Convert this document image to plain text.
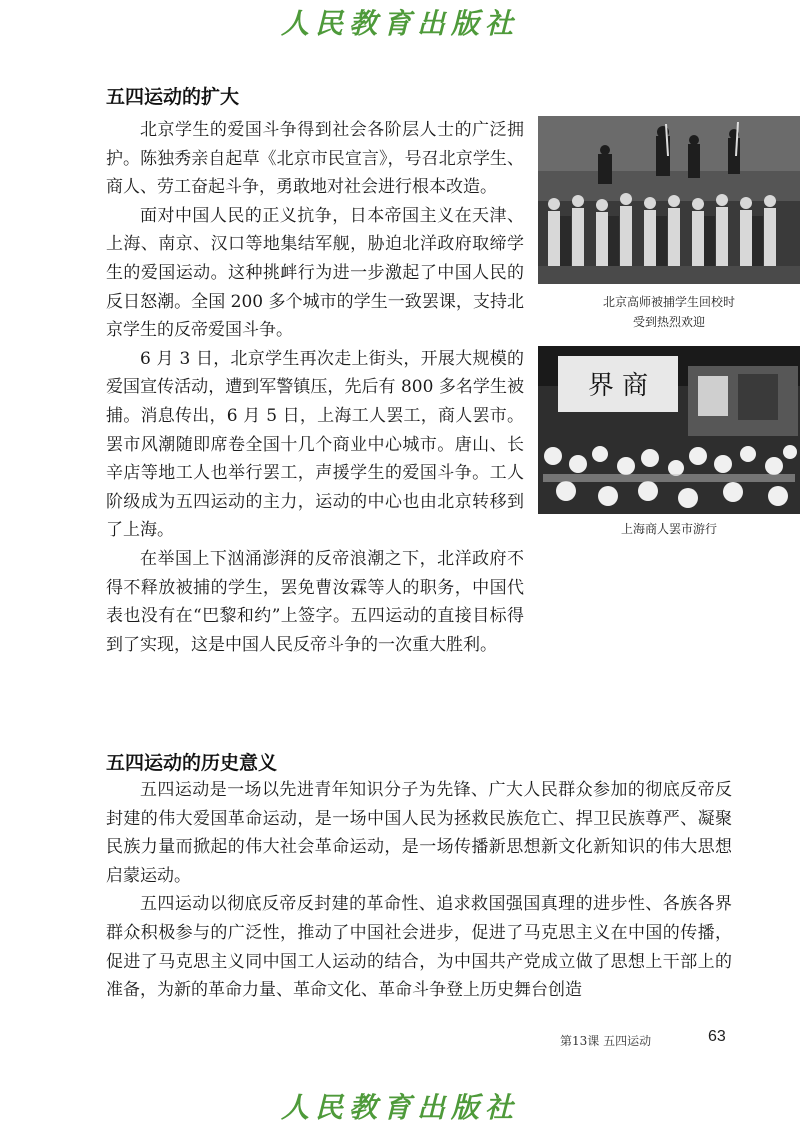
人民教育出版社
五四运动的扩大

北京学生的爱国斗争得到社会各阶层人士的广泛拥护。陈独秀亲自起草《北京市民宣言》，号召北京学生、商人、劳工奋起斗争，勇敢地对社会进行根本改造。

面对中国人民的正义抗争，日本帝国主义在天津、上海、南京、汉口等地集结军舰，胁迫北洋政府取缔学生的爱国运动。这种挑衅行为进一步激起了中国人民的反日怒潮。全国 200 多个城市的学生一致罢课，支持北京学生的反帝爱国斗争。

6 月 3 日，北京学生再次走上街头，开展大规模的爱国宣传活动，遭到军警镇压，先后有 800 多名学生被捕。消息传出，6 月 5 日，上海工人罢工，商人罢市。罢市风潮随即席卷全国十几个商业中心城市。唐山、长辛店等地工人也举行罢工，声援学生的爱国斗争。工人阶级成为五四运动的主力，运动的中心也由北京转移到了上海。

在举国上下汹涌澎湃的反帝浪潮之下，北洋政府不得不释放被捕的学生，罢免曹汝霖等人的职务，中国代表也没有在“巴黎和约”上签字。五四运动的直接目标得到了实现，这是中国人民反帝斗争的一次重大胜利。

北京高师被捕学生回校时
受到热烈欢迎
界 商
上海商人罢市游行
五四运动的历史意义

五四运动是一场以先进青年知识分子为先锋、广大人民群众参加的彻底反帝反封建的伟大爱国革命运动，是一场中国人民为拯救民族危亡、捍卫民族尊严、凝聚民族力量而掀起的伟大社会革命运动，是一场传播新思想新文化新知识的伟大思想启蒙运动。

五四运动以彻底反帝反封建的革命性、追求救国强国真理的进步性、各族各界群众积极参与的广泛性，推动了中国社会进步，促进了马克思主义在中国的传播，促进了马克思主义同中国工人运动的结合，为中国共产党成立做了思想上干部上的准备，为新的革命力量、革命文化、革命斗争登上历史舞台创造

第13课 五四运动	63
人民教育出版社
